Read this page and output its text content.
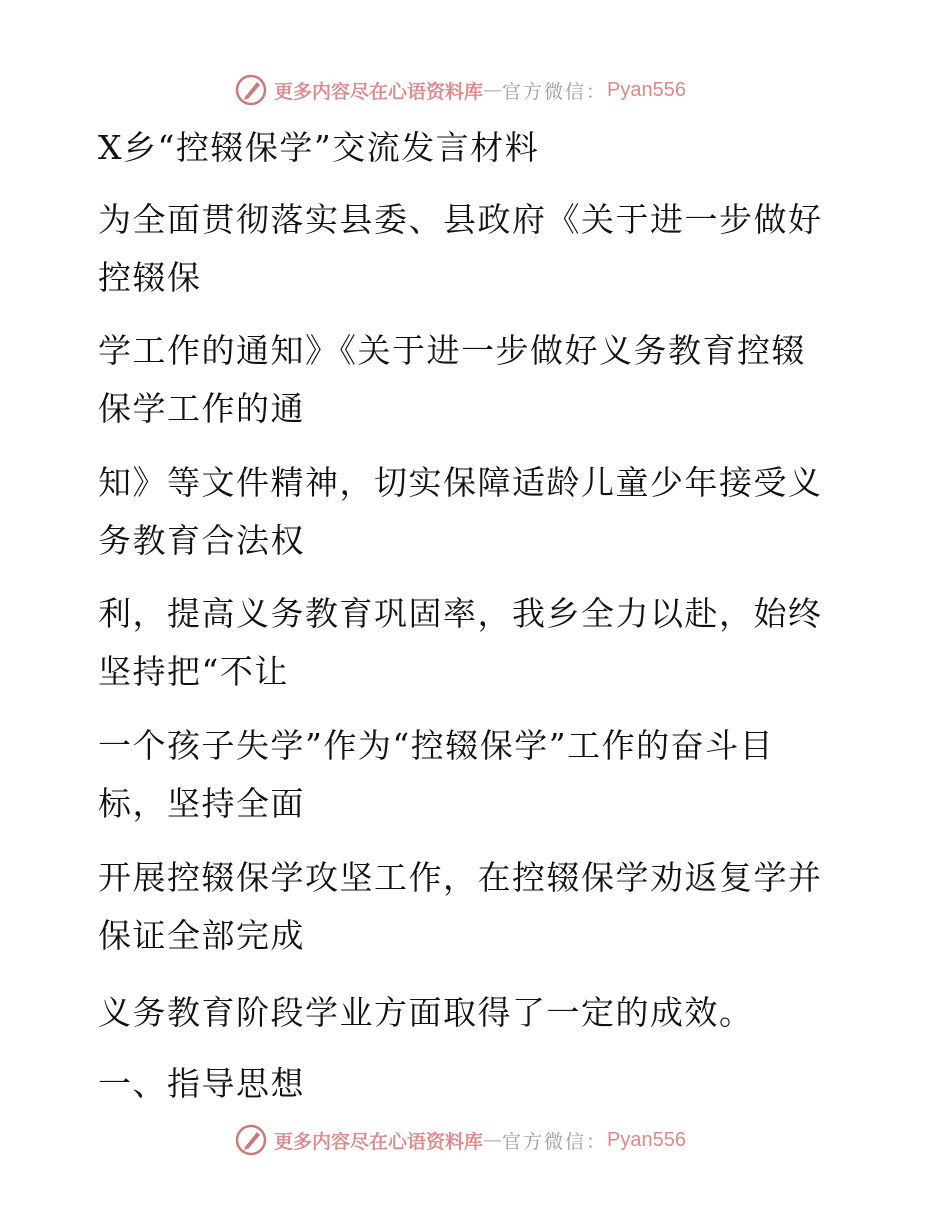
更多内容尽在心语资料库 — 官方微信： Pyan556
X乡“控辍保学”交流发言材料
为全面贯彻落实县委、县政府《关于进一步做好
控辍保
学工作的通知》《关于进一步做好义务教育控辍
保学工作的通
知》等文件精神，切实保障适龄儿童少年接受义
务教育合法权
利，提高义务教育巩固率，我乡全力以赴，始终
坚持把“不让
一个孩子失学”作为“控辍保学”工作的奋斗目
标，坚持全面
开展控辍保学攻坚工作，在控辍保学劝返复学并
保证全部完成
义务教育阶段学业方面取得了一定的成效。
一、指导思想
更多内容尽在心语资料库 — 官方微信： Pyan556
